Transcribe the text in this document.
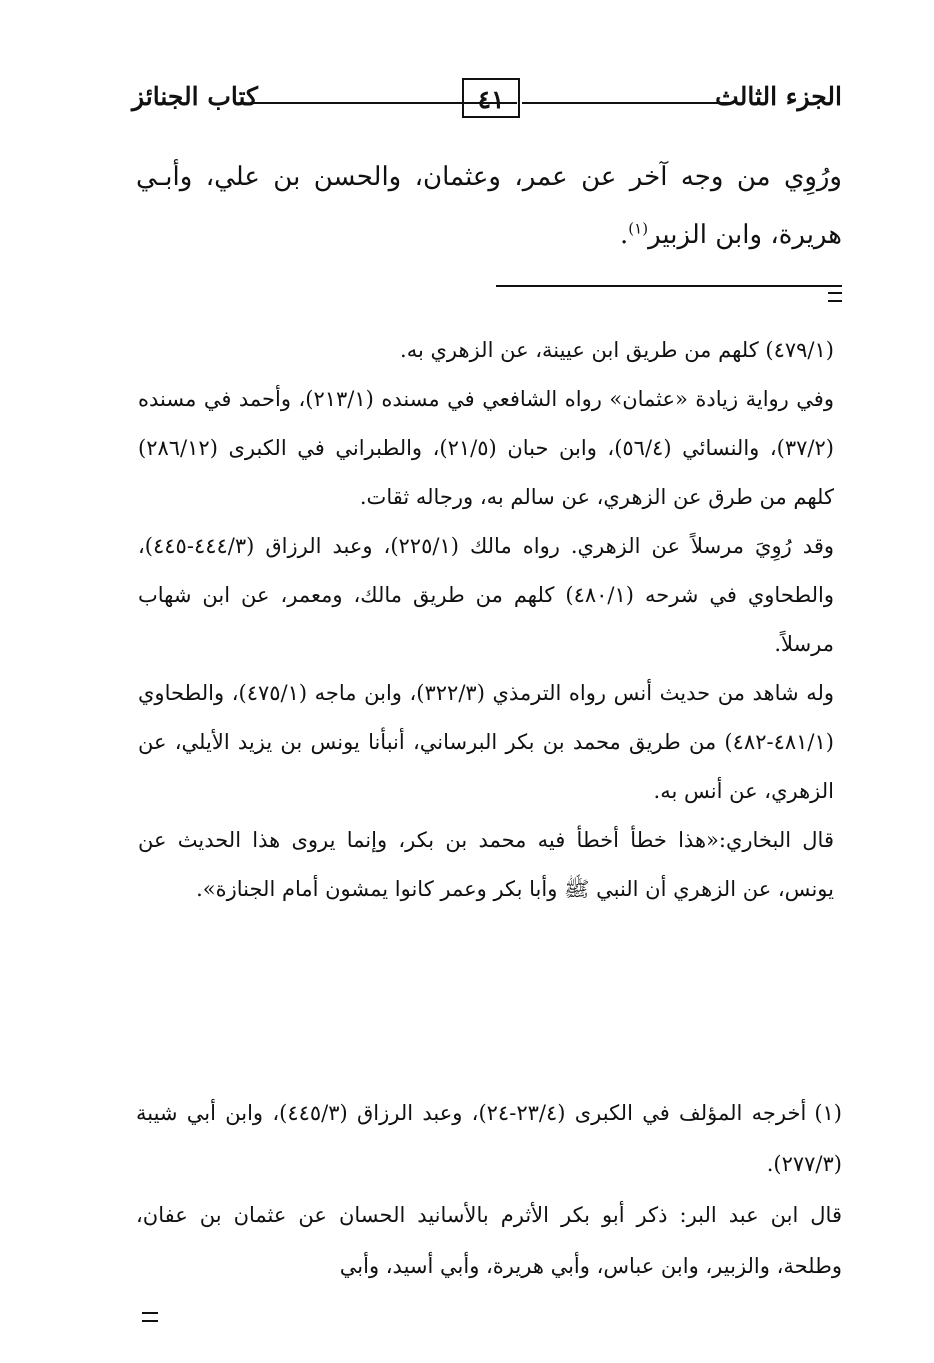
الجزء الثالث
٤١
كتاب الجنائز
ورُوِي من وجه آخر عن عمر، وعثمان، والحسن بن علي، وأبـي هريرة، وابن الزبير$^{(١)}$.

(٤٧٩/١) كلهم من طريق ابن عيينة، عن الزهري به.

وفي رواية زيادة «عثمان» رواه الشافعي في مسنده (٢١٣/١)، وأحمد في مسنده (٣٧/٢)، والنسائي (٥٦/٤)، وابن حبان (٢١/٥)، والطبراني في الكبرى (٢٨٦/١٢) كلهم من طرق عن الزهري، عن سالم به، ورجاله ثقات.

وقد رُوِيَ مرسلاً عن الزهري. رواه مالك (٢٢٥/١)، وعبد الرزاق (٤٤٤/٣-٤٤٥)، والطحاوي في شرحه (٤٨٠/١) كلهم من طريق مالك، ومعمر، عن ابن شهاب مرسلاً.

وله شاهد من حديث أنس رواه الترمذي (٣٢٢/٣)، وابن ماجه (٤٧٥/١)، والطحاوي (٤٨١/١-٤٨٢) من طريق محمد بن بكر البرساني، أنبأنا يونس بن يزيد الأيلي، عن الزهري، عن أنس به.

قال البخاري:«هذا خطأ أخطأ فيه محمد بن بكر، وإنما يروى هذا الحديث عن يونس، عن الزهري أن النبي ﷺ وأبا بكر وعمر كانوا يمشون أمام الجنازة».

(١)أخرجه المؤلف في الكبرى (٢٣/٤-٢٤)، وعبد الرزاق (٤٤٥/٣)، وابن أبي شيبة (٢٧٧/٣).

قال ابن عبد البر: ذكر أبو بكر الأثرم بالأسانيد الحسان عن عثمان بن عفان، وطلحة، والزبير، وابن عباس، وأبي هريرة، وأبي أسيد، وأبي
